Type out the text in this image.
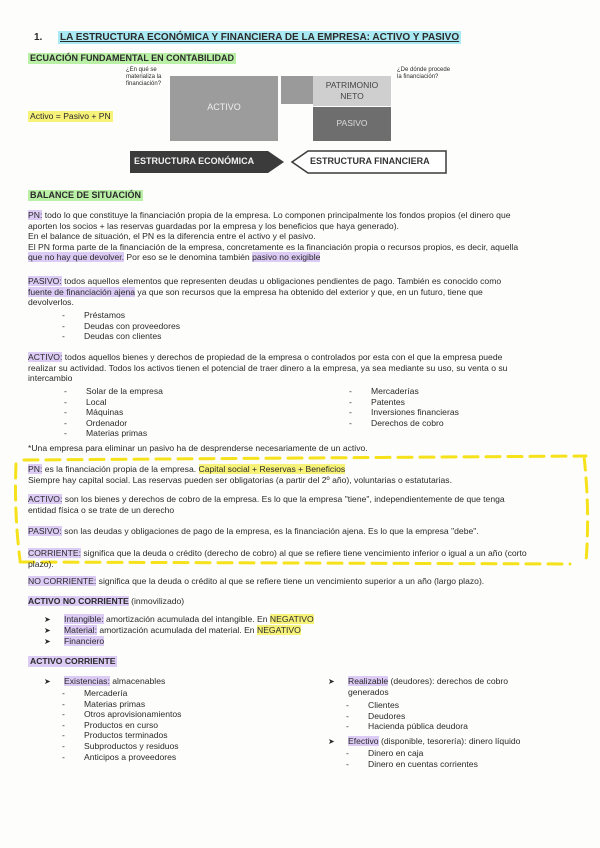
1. LA ESTRUCTURA ECONÓMICA Y FINANCIERA DE LA EMPRESA: ACTIVO Y PASIVO
ECUACIÓN FUNDAMENTAL EN CONTABILIDAD
Activo = Pasivo + PN
¿En qué se materializa la financiación?
¿De dónde procede la financiación?
ACTIVO
PATRIMONIO NETO
PASIVO
ESTRUCTURA ECONÓMICA	ESTRUCTURA FINANCIERA
BALANCE DE SITUACIÓN
PN: todo lo que constituye la financiación propia de la empresa. Lo componen principalmente los fondos propios (el dinero que
aporten los socios + las reservas guardadas por la empresa y los beneficios que haya generado).
En el balance de situación, el PN es la diferencia entre el activo y el pasivo.
El PN forma parte de la financiación de la empresa, concretamente es la financiación propia o recursos propios, es decir, aquella
que no hay que devolver. Por eso se le denomina también pasivo no exigible
PASIVO: todos aquellos elementos que representen deudas u obligaciones pendientes de pago. También es conocido como
fuente de financiación ajena ya que son recursos que la empresa ha obtenido del exterior y que, en un futuro, tiene que
devolverlos.
- Préstamos
- Deudas con proveedores
- Deudas con clientes
ACTIVO: todos aquellos bienes y derechos de propiedad de la empresa o controlados por esta con el que la empresa puede
realizar su actividad. Todos los activos tienen el potencial de traer dinero a la empresa, ya sea mediante su uso, su venta o su
intercambio
- Solar de la empresa
- Local
- Máquinas
- Ordenador
- Materias primas
- Mercaderías
- Patentes
- Inversiones financieras
- Derechos de cobro
*Una empresa para eliminar un pasivo ha de desprenderse necesariamente de un activo.
PN: es la financiación propia de la empresa. Capital social + Reservas + Beneficios
Siempre hay capital social. Las reservas pueden ser obligatorias (a partir del 2º año), voluntarias o estatutarias.
ACTIVO: son los bienes y derechos de cobro de la empresa. Es lo que la empresa "tiene", independientemente de que tenga
entidad física o se trate de un derecho
PASIVO: son las deudas y obligaciones de pago de la empresa, es la financiación ajena. Es lo que la empresa "debe".
CORRIENTE: significa que la deuda o crédito (derecho de cobro) al que se refiere tiene vencimiento inferior o igual a un año (corto
plazo).
NO CORRIENTE: significa que la deuda o crédito al que se refiere tiene un vencimiento superior a un año (largo plazo).
ACTIVO NO CORRIENTE (inmovilizado)
➤ Intangible: amortización acumulada del intangible. En NEGATIVO
➤ Material: amortización acumulada del material. En NEGATIVO
➤ Financiero
ACTIVO CORRIENTE
➤ Existencias: almacenables
- Mercadería
- Materias primas
- Otros aprovisionamientos
- Productos en curso
- Productos terminados
- Subproductos y residuos
- Anticipos a proveedores
➤ Realizable (deudores): derechos de cobro
generados
- Clientes
- Deudores
- Hacienda pública deudora
➤ Efectivo (disponible, tesorería): dinero líquido
- Dinero en caja
- Dinero en cuentas corrientes
